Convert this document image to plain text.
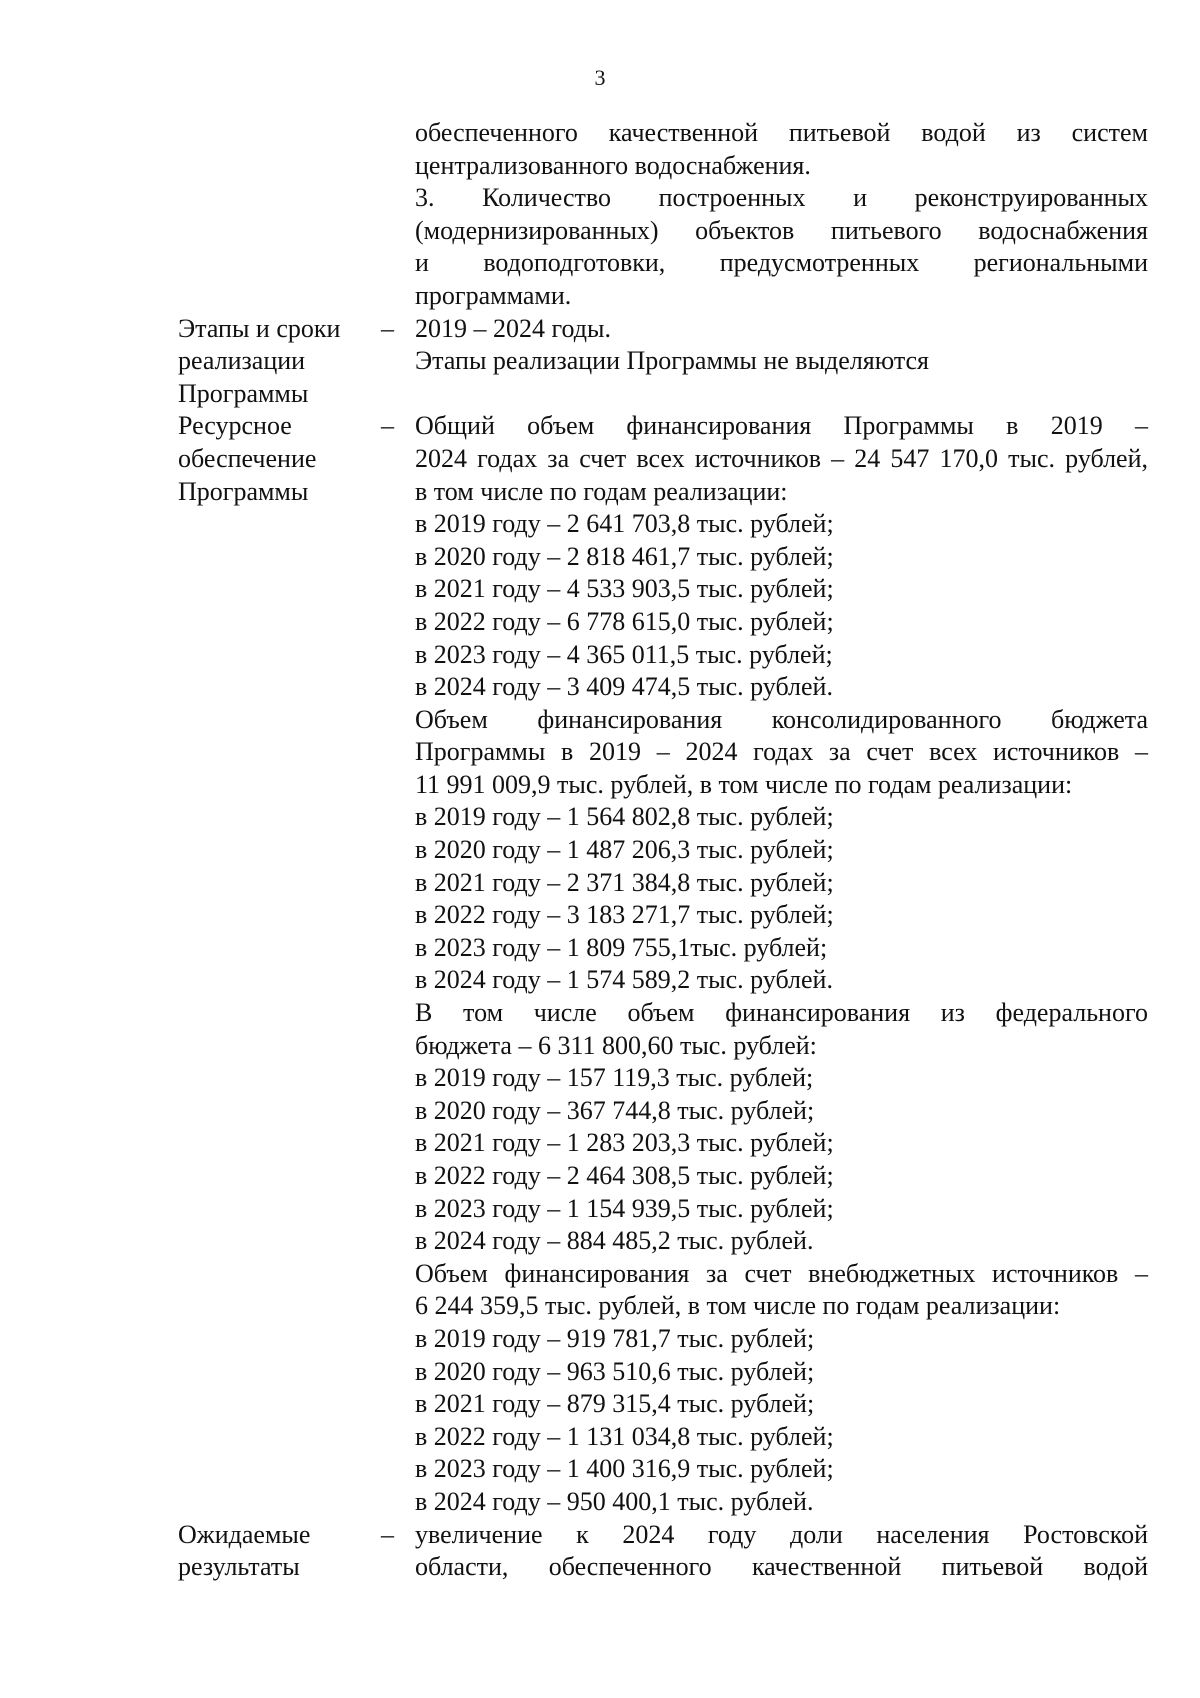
3
обеспеченного качественной питьевой водой из систем
централизованного водоснабжения.
3. Количество построенных и реконструированных
(модернизированных) объектов питьевого водоснабжения
и водоподготовки, предусмотренных региональными
программами.
Этапы и сроки
реализации
Программы
– 2019 – 2024 годы.
Этапы реализации Программы не выделяются
Ресурсное
обеспечение
Программы
– Общий объем финансирования Программы в 2019 –
2024 годах за счет всех источников – 24 547 170,0 тыс. рублей,
в том числе по годам реализации:
в 2019 году – 2 641 703,8 тыс. рублей;
в 2020 году – 2 818 461,7 тыс. рублей;
в 2021 году – 4 533 903,5 тыс. рублей;
в 2022 году – 6 778 615,0 тыс. рублей;
в 2023 году – 4 365 011,5 тыс. рублей;
в 2024 году – 3 409 474,5 тыс. рублей.
Объем финансирования консолидированного бюджета
Программы в 2019 – 2024 годах за счет всех источников –
11 991 009,9 тыс. рублей, в том числе по годам реализации:
в 2019 году – 1 564 802,8 тыс. рублей;
в 2020 году – 1 487 206,3 тыс. рублей;
в 2021 году – 2 371 384,8 тыс. рублей;
в 2022 году – 3 183 271,7 тыс. рублей;
в 2023 году – 1 809 755,1тыс. рублей;
в 2024 году – 1 574 589,2 тыс. рублей.
В том числе объем финансирования из федерального
бюджета – 6 311 800,60 тыс. рублей:
в 2019 году – 157 119,3 тыс. рублей;
в 2020 году – 367 744,8 тыс. рублей;
в 2021 году – 1 283 203,3 тыс. рублей;
в 2022 году – 2 464 308,5 тыс. рублей;
в 2023 году – 1 154 939,5 тыс. рублей;
в 2024 году – 884 485,2 тыс. рублей.
Объем финансирования за счет внебюджетных источников –
6 244 359,5 тыс. рублей, в том числе по годам реализации:
в 2019 году – 919 781,7 тыс. рублей;
в 2020 году – 963 510,6 тыс. рублей;
в 2021 году – 879 315,4 тыс. рублей;
в 2022 году – 1 131 034,8 тыс. рублей;
в 2023 году – 1 400 316,9 тыс. рублей;
в 2024 году – 950 400,1 тыс. рублей.
Ожидаемые
результаты
– увеличение к 2024 году доли населения Ростовской
области, обеспеченного качественной питьевой водой
